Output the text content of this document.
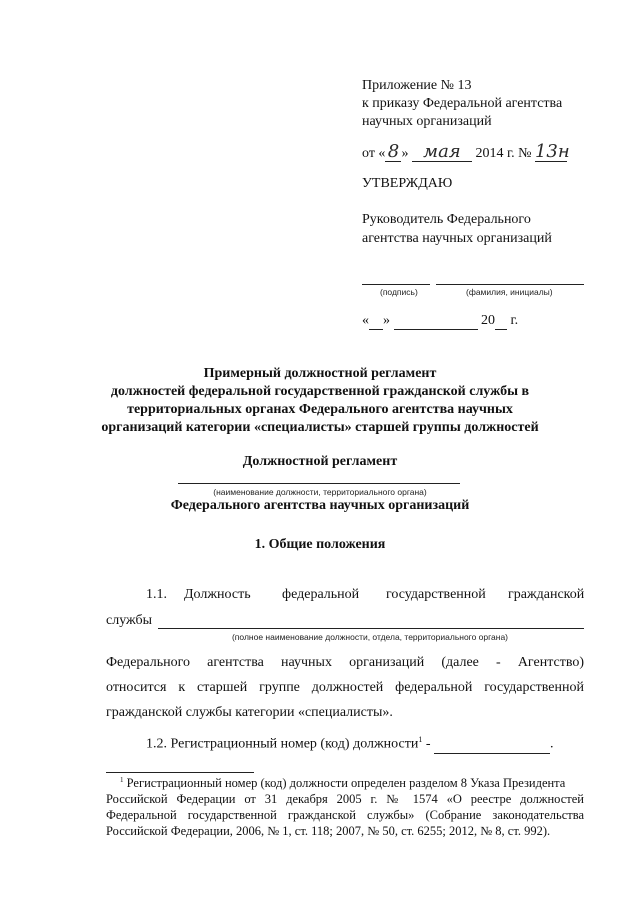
Приложение № 13
к приказу Федеральной агентства
научных организаций
от « 8 » мая 2014 г. № 13н
УТВЕРЖДАЮ
Руководитель Федерального
агентства научных организаций
(подпись)	(фамилия, инициалы)
« »	20 г.
Примерный должностной регламент
должностей федеральной государственной гражданской службы в
территориальных органах Федерального агентства научных
организаций категории «специалисты» старшей группы должностей
Должностной регламент
(наименование должности, территориального органа)
Федерального агентства научных организаций
1. Общие положения
1.1. Должность федеральной государственной гражданской
службы
(полное наименование должности, отдела, территориального органа)
Федерального агентства научных организаций (далее - Агентство)
относится к старшей группе должностей федеральной государственной
гражданской службы категории «специалисты».
1.2. Регистрационный номер (код) должности$^1$ -	.
$^1$ Регистрационный номер (код) должности определен разделом 8 Указа Президента
Российской Федерации от 31 декабря 2005 г. № 1574 «О реестре должностей
Федеральной государственной гражданской службы» (Собрание законодательства
Российской Федерации, 2006, № 1, ст. 118; 2007, № 50, ст. 6255; 2012, № 8, ст. 992).
